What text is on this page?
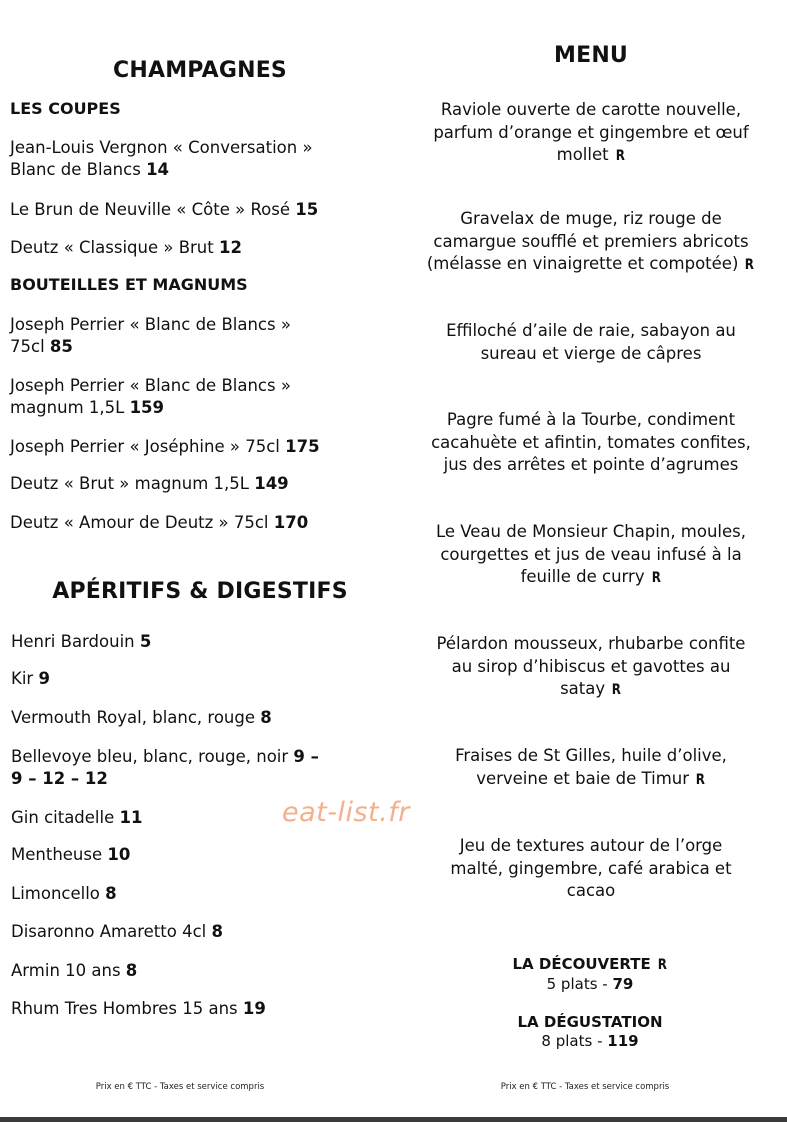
CHAMPAGNES
LES COUPES
Jean-Louis Vergnon « Conversation »
Blanc de Blancs 14
Le Brun de Neuville « Côte » Rosé 15
Deutz « Classique » Brut 12
BOUTEILLES ET MAGNUMS
Joseph Perrier « Blanc de Blancs »
75cl 85
Joseph Perrier « Blanc de Blancs »
magnum 1,5L 159
Joseph Perrier « Joséphine » 75cl 175
Deutz « Brut » magnum 1,5L 149
Deutz « Amour de Deutz » 75cl 170
APÉRITIFS & DIGESTIFS
Henri Bardouin 5
Kir 9
Vermouth Royal, blanc, rouge 8
Bellevoye bleu, blanc, rouge, noir 9 –
9 – 12 – 12
Gin citadelle 11
Mentheuse 10
Limoncello 8
Disaronno Amaretto 4cl 8
Armin 10 ans 8
Rhum Tres Hombres 15 ans 19
MENU
Raviole ouverte de carotte nouvelle,
parfum d’orange et gingembre et œuf
mollet R
Gravelax de muge, riz rouge de
camargue soufflé et premiers abricots
(mélasse en vinaigrette et compotée) R
Effiloché d’aile de raie, sabayon au
sureau et vierge de câpres
Pagre fumé à la Tourbe, condiment
cacahuète et afintin, tomates confites,
jus des arrêtes et pointe d’agrumes
Le Veau de Monsieur Chapin, moules,
courgettes et jus de veau infusé à la
feuille de curry R
Pélardon mousseux, rhubarbe confite
au sirop d’hibiscus et gavottes au
satay R
Fraises de St Gilles, huile d’olive,
verveine et baie de Timur R
Jeu de textures autour de l’orge
malté, gingembre, café arabica et
cacao
LA DÉCOUVERTE R
5 plats - 79
LA DÉGUSTATION
8 plats - 119
Prix en € TTC - Taxes et service compris	Prix en € TTC - Taxes et service compris
eat-list.fr
